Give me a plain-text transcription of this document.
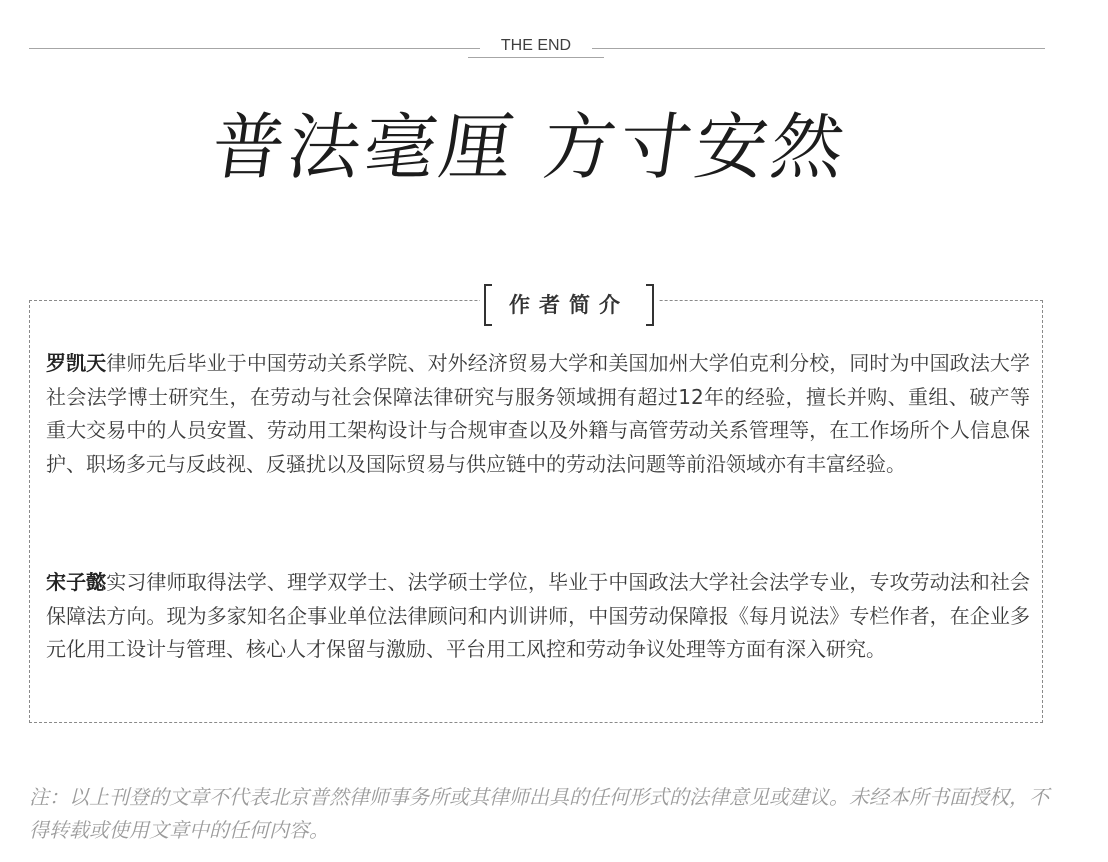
THE END
普法毫厘 方寸安然
作者简介

罗凯天律师先后毕业于中国劳动关系学院、对外经济贸易大学和美国加州大学伯克利分校，同时为中国政法大学社会法学博士研究生，在劳动与社会保障法律研究与服务领域拥有超过12年的经验，擅长并购、重组、破产等重大交易中的人员安置、劳动用工架构设计与合规审查以及外籍与高管劳动关系管理等，在工作场所个人信息保护、职场多元与反歧视、反骚扰以及国际贸易与供应链中的劳动法问题等前沿领域亦有丰富经验。

宋子懿实习律师取得法学、理学双学士、法学硕士学位，毕业于中国政法大学社会法学专业，专攻劳动法和社会保障法方向。现为多家知名企事业单位法律顾问和内训讲师，中国劳动保障报《每月说法》专栏作者，在企业多元化用工设计与管理、核心人才保留与激励、平台用工风控和劳动争议处理等方面有深入研究。

注：以上刊登的文章不代表北京普然律师事务所或其律师出具的任何形式的法律意见或建议。未经本所书面授权，不得转载或使用文章中的任何内容。
